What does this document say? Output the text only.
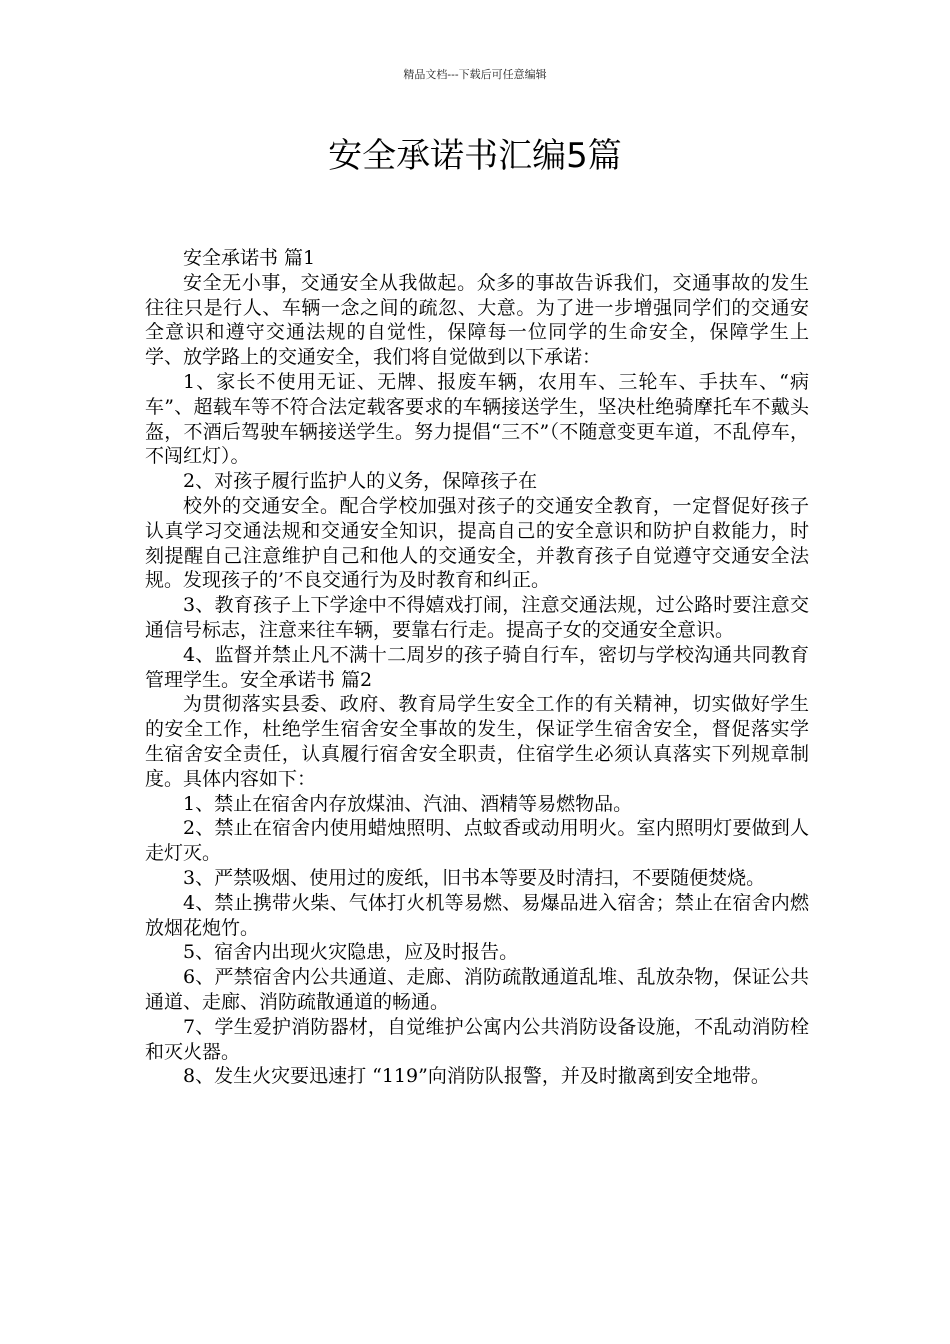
精品文档---下载后可任意编辑
安全承诺书汇编5篇

安全承诺书 篇1

安全无小事，交通安全从我做起。众多的事故告诉我们，交通事故的发生往往只是行人、车辆一念之间的疏忽、大意。为了进一步增强同学们的交通安全意识和遵守交通法规的自觉性，保障每一位同学的生命安全，保障学生上学、放学路上的交通安全，我们将自觉做到以下承诺：

1、家长不使用无证、无牌、报废车辆，农用车、三轮车、手扶车、“病车”、超载车等不符合法定载客要求的车辆接送学生，坚决杜绝骑摩托车不戴头盔，不酒后驾驶车辆接送学生。努力提倡“三不”（不随意变更车道，不乱停车，不闯红灯）。

2、对孩子履行监护人的义务，保障孩子在

校外的交通安全。配合学校加强对孩子的交通安全教育，一定督促好孩子认真学习交通法规和交通安全知识，提高自己的安全意识和防护自救能力，时刻提醒自己注意维护自己和他人的交通安全，并教育孩子自觉遵守交通安全法规。发现孩子的’不良交通行为及时教育和纠正。

3、教育孩子上下学途中不得嬉戏打闹，注意交通法规，过公路时要注意交通信号标志，注意来往车辆，要靠右行走。提高子女的交通安全意识。

4、监督并禁止凡不满十二周岁的孩子骑自行车，密切与学校沟通共同教育管理学生。安全承诺书 篇2

为贯彻落实县委、政府、教育局学生安全工作的有关精神，切实做好学生的安全工作，杜绝学生宿舍安全事故的发生，保证学生宿舍安全，督促落实学生宿舍安全责任，认真履行宿舍安全职责，住宿学生必须认真落实下列规章制度。具体内容如下：

1、禁止在宿舍内存放煤油、汽油、酒精等易燃物品。

2、禁止在宿舍内使用蜡烛照明、点蚊香或动用明火。室内照明灯要做到人走灯灭。

3、严禁吸烟、使用过的废纸，旧书本等要及时清扫，不要随便焚烧。

4、禁止携带火柴、气体打火机等易燃、易爆品进入宿舍；禁止在宿舍内燃放烟花炮竹。

5、宿舍内出现火灾隐患，应及时报告。

6、严禁宿舍内公共通道、走廊、消防疏散通道乱堆、乱放杂物，保证公共通道、走廊、消防疏散通道的畅通。

7、学生爱护消防器材，自觉维护公寓内公共消防设备设施，不乱动消防栓和灭火器。

8、发生火灾要迅速打 “119”向消防队报警，并及时撤离到安全地带。
